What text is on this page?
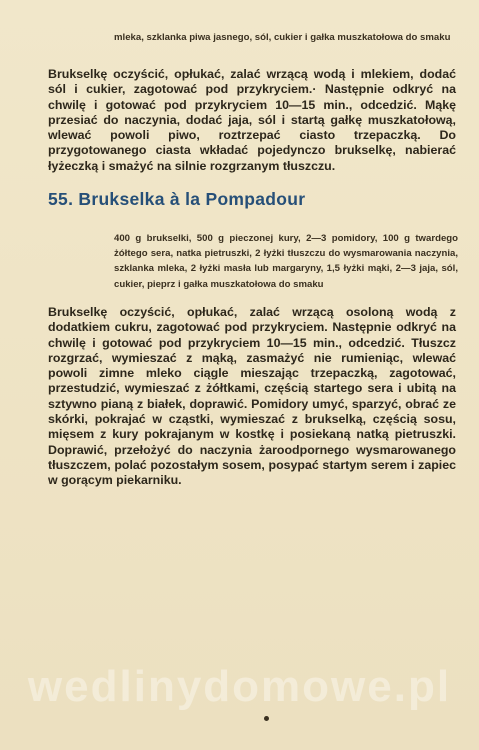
mleka, szklanka piwa jasnego, sól, cukier i gałka muszkatołowa do smaku
Brukselkę oczyścić, opłukać, zalać wrzącą wodą i mlekiem, dodać sól i cukier, zagotować pod przykryciem.· Następnie odkryć na chwilę i gotować pod przykryciem 10—15 min., odcedzić. Mąkę przesiać do naczynia, dodać jaja, sól i startą gałkę muszkatołową, wlewać powoli piwo, roztrzepać ciasto trzepaczką. Do przygotowanego ciasta wkładać pojedynczo brukselkę, nabierać łyżeczką i smażyć na silnie rozgrzanym tłuszczu.
55. Brukselka à la Pompadour
400 g brukselki, 500 g pieczonej kury, 2—3 pomidory, 100 g twardego żółtego sera, natka pietruszki, 2 łyżki tłuszczu do wysmarowania naczynia, szklanka mleka, 2 łyżki masła lub margaryny, 1,5 łyżki mąki, 2—3 jaja, sól, cukier, pieprz i gałka muszkatołowa do smaku
Brukselkę oczyścić, opłukać, zalać wrzącą osoloną wodą z dodatkiem cukru, zagotować pod przykryciem. Następnie odkryć na chwilę i gotować pod przykryciem 10—15 min., odcedzić. Tłuszcz rozgrzać, wymieszać z mąką, zasmażyć nie rumieniąc, wlewać powoli zimne mleko ciągle mieszając trzepaczką, zagotować, przestudzić, wymieszać z żółtkami, częścią startego sera i ubitą na sztywno pianą z białek, doprawić. Pomidory umyć, sparzyć, obrać ze skórki, pokrajać w cząstki, wymieszać z brukselką, częścią sosu, mięsem z kury pokrajanym w kostkę i posiekaną natką pietruszki. Doprawić, przełożyć do naczynia żaroodpornego wysmarowanego tłuszczem, polać pozostałym sosem, posypać startym serem i zapiec w gorącym piekarniku.
wedlinydomowe.pl
